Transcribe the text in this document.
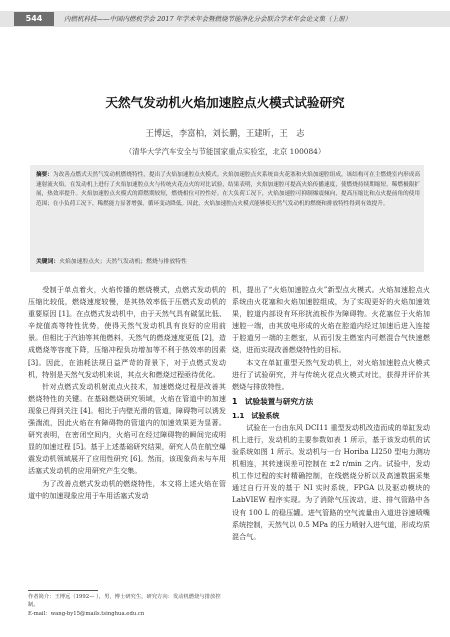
544	内燃机科技——中国内燃机学会 2017 年学术年会暨燃烧节能净化分会联合学术年会论文集（上册）
天然气发动机火焰加速腔点火模式试验研究
王博远，李富柏，刘长鹏，王建昕，王　志
（清华大学汽车安全与节能国家重点实验室，北京 100084）
摘要：为改善点燃式天然气发动机燃烧特性，提出了火焰加速腔点火模式。火焰加速腔点火系统由火花塞和火焰加速腔组成，该结构可在主燃烧室内形成高速射流火焰。在发动机上进行了火焰加速腔点火与传统火花点火的对比试验，结果表明，火焰加速腔可提高火焰传播速度，使燃烧持续期缩短，稀燃极限扩展，热效率提升。火焰加速腔点火模式的滞燃期较短，燃烧相位可控性好。在大负荷工况下，火焰加速腔可抑制爆震倾向，提高压缩比和点火提前角的使用范围；在小负荷工况下，稀燃能力显著增强，循环变动降低。因此，火焰加速腔点火模式能够使天然气发动机的燃烧和排放特性得到有效提升。
关键词：火焰加速腔点火；天然气发动机；燃烧与排放特性

受制于单点着火，火焰传播的燃烧模式，点燃式发动机的压缩比较低，燃烧速度较慢，是其热效率低于压燃式发动机的重要原因 [1]。在点燃式发动机中，由于天然气具有碳氢比低、辛烷值高等特性优势，使得天然气发动机具有良好的应用前景。但相比于汽油等其他燃料，天然气的燃烧速度更低 [2]，造成燃烧等容度下降，压缩冲程负功增加等不利于热效率的因素 [3]。因此，在油耗法规日益严苛的背景下，对于点燃式发动机，特别是天然气发动机来说，其点火和燃烧过程亟待优化。

针对点燃式发动机射流点火技术，加速燃烧过程是改善其燃烧特性的关键。在基础燃烧研究领域，火焰在管道中的加速现象已得到关注 [4]。相比于内壁光滑的管道，障碍物可以诱发强湍流，因此火焰在有障碍物的管道内的加速效果更为显著。研究表明，在密闭空间内，火焰可在经过障碍物的瞬间完成明显的加速过程 [5]。基于上述基础研究结果，研究人员在航空爆震发动机领域展开了应用性研究 [6]。然而，该现象尚未与车用活塞式发动机的应用研究产生交集。

为了改善点燃式发动机的燃烧特性，本文将上述火焰在管道中的加速现象应用于车用活塞式发动

机，提出了“火焰加速腔点火”新型点火模式。火焰加速腔点火系统由火花塞和火焰加速腔组成，为了实现更好的火焰加速效果，腔道内部设有环形扰流板作为障碍物。火花塞位于火焰加速腔一端，由其放电形成的火焰在腔道内经过加速后进入连接于腔道另一端的主燃室，从而引发主燃室内可燃混合气快速燃烧，进而实现改善燃烧特性的目标。

本文在单缸重型天然气发动机上，对火焰加速腔点火模式进行了试验研究，并与传统火花点火模式对比，获得并评价其燃烧与排放特性。

1　试验装置与研究方法

1.1　试验系统

试验在一台由东风 DCI11 重型发动机改造而成的单缸发动机上进行，发动机的主要参数如表 1 所示，基于该发动机的试验系统如图 1 所示。发动机与一台 Horiba LI250 型电力测功机相连，其转速误差可控制在 ±2 r/min 之内。试验中，发动机工作过程的实时精确控制，在线燃烧分析以及高速数据采集通过自行开发的基于 NI 实时系统，FPGA 以及驱动模块的 LabVIEW 程序实现。为了消除气压波动，进、排气管路中各设有 100 L 的稳压罐。进气管路的空气流量由入道进谷速喷嘴系统控制，天然气以 0.5 MPa 的压力喷射入进气道，形成均质混合气。

作者简介：王博远（1992— ），男，博士研究生，研究方向：发动机燃烧与排放控制。

E-mail：wang-by15@mails.tsinghua.edu.cn
